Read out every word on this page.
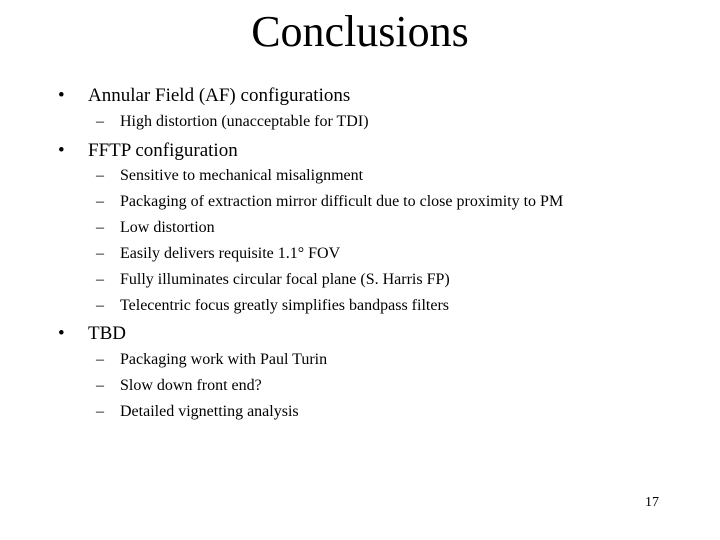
Conclusions
• Annular Field (AF) configurations
– High distortion (unacceptable for TDI)
• FFTP configuration
– Sensitive to mechanical misalignment
– Packaging of extraction mirror difficult due to close proximity to PM
– Low distortion
– Easily delivers requisite 1.1° FOV
– Fully illuminates circular focal plane (S. Harris FP)
– Telecentric focus greatly simplifies bandpass filters
• TBD
– Packaging work with Paul Turin
– Slow down front end?
– Detailed vignetting analysis
17
